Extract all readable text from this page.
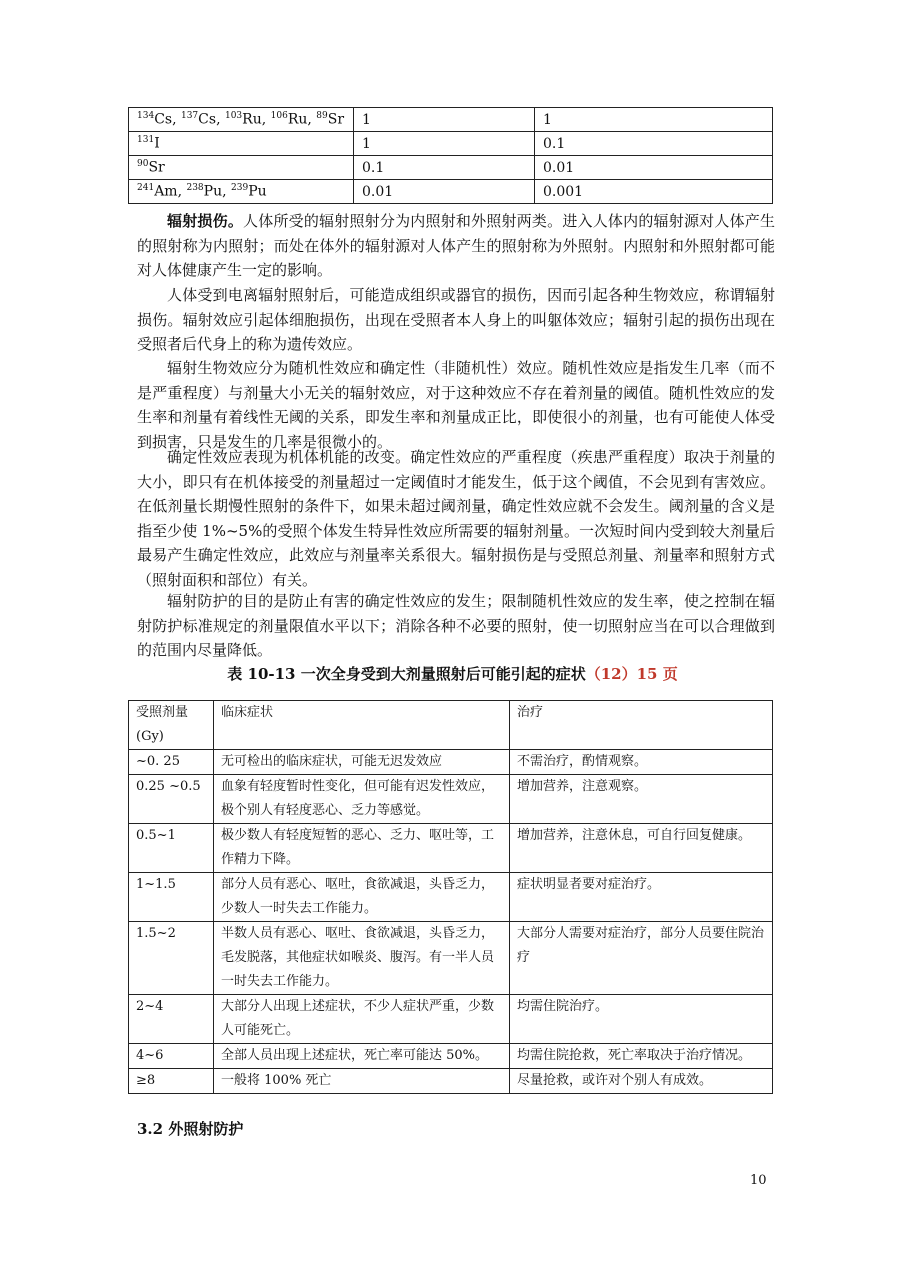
$^{134}$Cs, $^{137}$Cs, $^{103}$Ru, $^{106}$Ru, $^{89}$Sr	1	1
$^{131}$I	1	0.1
$^{90}$Sr	0.1	0.01
$^{241}$Am, $^{238}$Pu, $^{239}$Pu	0.01	0.001

辐射损伤。人体所受的辐射照射分为内照射和外照射两类。进入人体内的辐射源对人体产生的照射称为内照射；而处在体外的辐射源对人体产生的照射称为外照射。内照射和外照射都可能对人体健康产生一定的影响。

人体受到电离辐射照射后，可能造成组织或器官的损伤，因而引起各种生物效应，称谓辐射损伤。辐射效应引起体细胞损伤，出现在受照者本人身上的叫躯体效应；辐射引起的损伤出现在受照者后代身上的称为遗传效应。

辐射生物效应分为随机性效应和确定性（非随机性）效应。随机性效应是指发生几率（而不是严重程度）与剂量大小无关的辐射效应，对于这种效应不存在着剂量的阈值。随机性效应的发生率和剂量有着线性无阈的关系，即发生率和剂量成正比，即使很小的剂量，也有可能使人体受到损害，只是发生的几率是很微小的。

确定性效应表现为机体机能的改变。确定性效应的严重程度（疾患严重程度）取决于剂量的大小，即只有在机体接受的剂量超过一定阈值时才能发生，低于这个阈值，不会见到有害效应。在低剂量长期慢性照射的条件下，如果未超过阈剂量，确定性效应就不会发生。阈剂量的含义是指至少使 1%~5%的受照个体发生特异性效应所需要的辐射剂量。一次短时间内受到较大剂量后最易产生确定性效应，此效应与剂量率关系很大。辐射损伤是与受照总剂量、剂量率和照射方式（照射面积和部位）有关。

辐射防护的目的是防止有害的确定性效应的发生；限制随机性效应的发生率，使之控制在辐射防护标准规定的剂量限值水平以下；消除各种不必要的照射，使一切照射应当在可以合理做到的范围内尽量降低。

表 10-13 一次全身受到大剂量照射后可能引起的症状（12）15 页

受照剂量(Gy)	临床症状	治疗
~0. 25	无可检出的临床症状，可能无迟发效应	不需治疗，酌情观察。
0.25 ~0.5	血象有轻度暂时性变化，但可能有迟发性效应，极个别人有轻度恶心、乏力等感觉。	增加营养，注意观察。
0.5~1	极少数人有轻度短暂的恶心、乏力、呕吐等，工作精力下降。	增加营养，注意休息，可自行回复健康。
1~1.5	部分人员有恶心、呕吐，食欲减退，头昏乏力，少数人一时失去工作能力。	症状明显者要对症治疗。
1.5~2	半数人员有恶心、呕吐、食欲减退，头昏乏力，毛发脱落，其他症状如喉炎、腹泻。有一半人员一时失去工作能力。	大部分人需要对症治疗，部分人员要住院治疗
2~4	大部分人出现上述症状，不少人症状严重，少数人可能死亡。	均需住院治疗。
4~6	全部人员出现上述症状，死亡率可能达 50%。	均需住院抢救，死亡率取决于治疗情况。
≥8	一般将 100% 死亡	尽量抢救，或许对个别人有成效。

3.2 外照射防护

10
